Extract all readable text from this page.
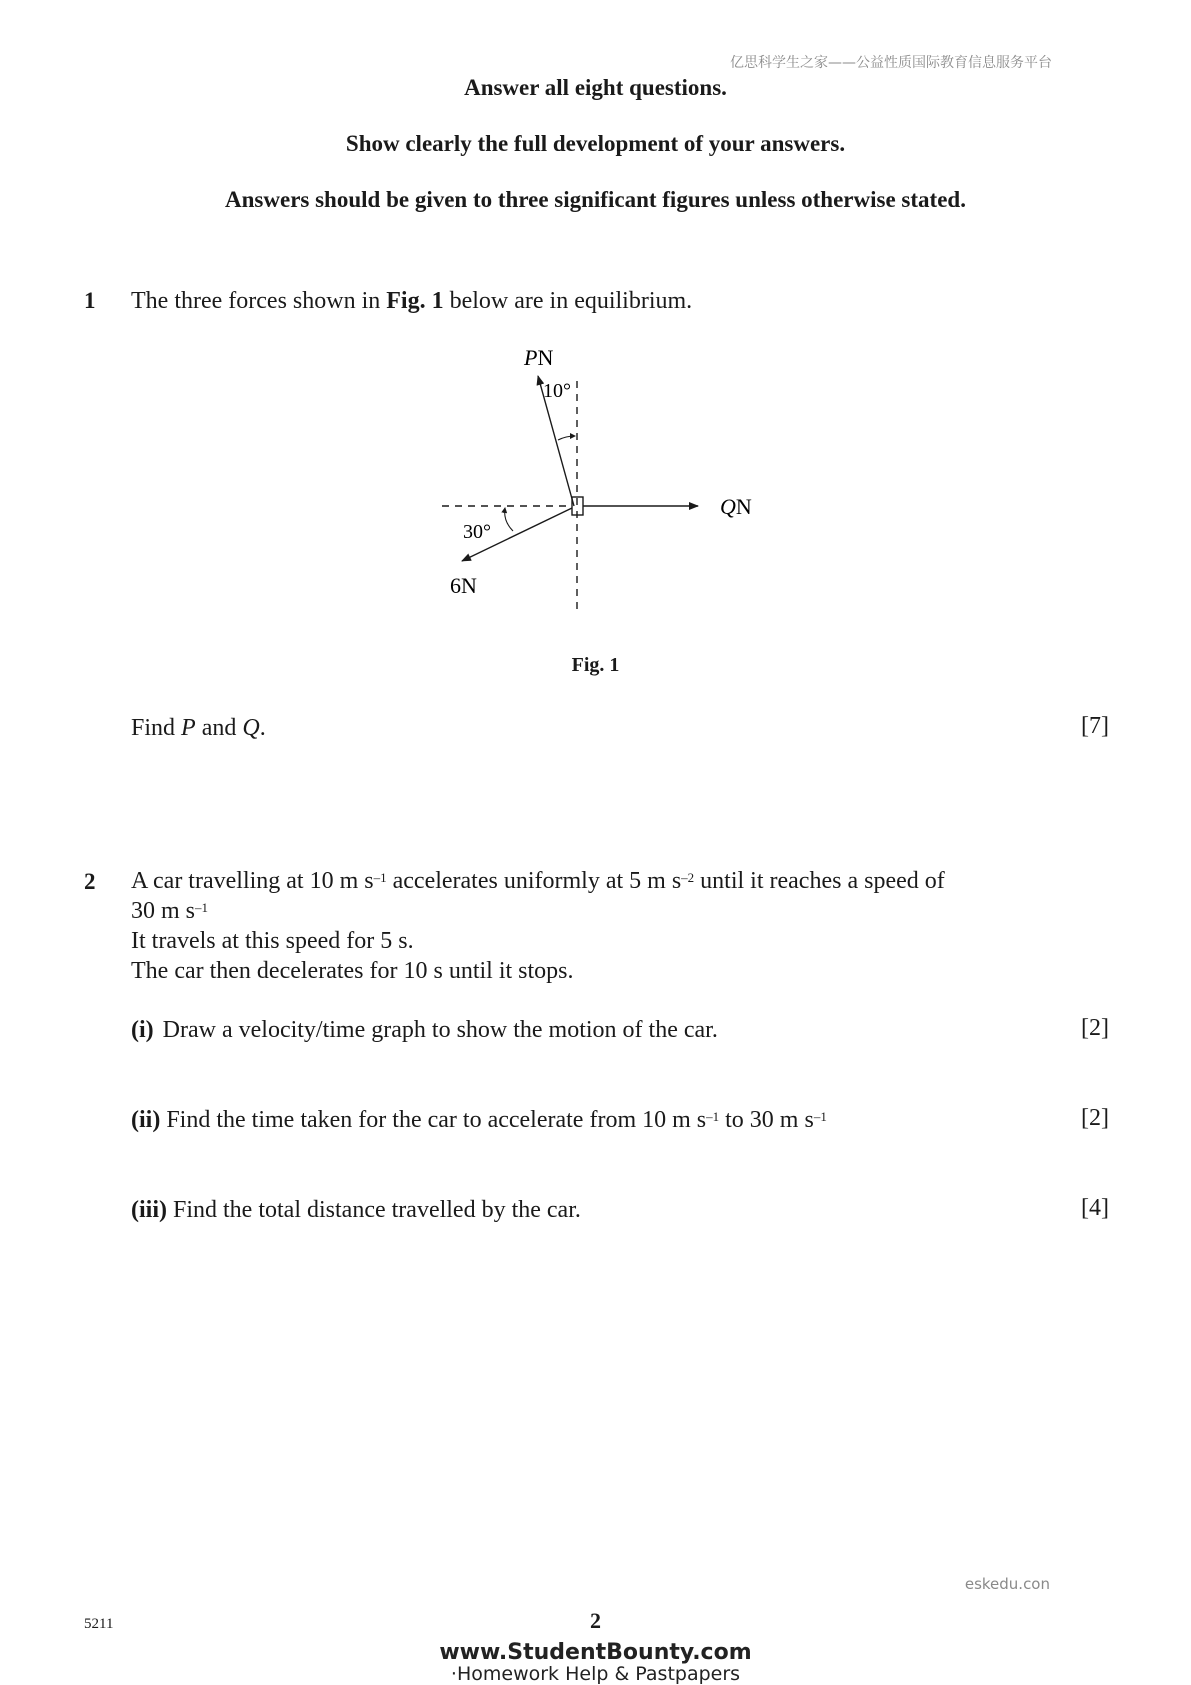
亿思科学生之家——公益性质国际教育信息服务平台
Answer all eight questions.
Show clearly the full development of your answers.
Answers should be given to three significant figures unless otherwise stated.
1 The three forces shown in Fig. 1 below are in equilibrium.
PN
10°
QN
30°
6N
Fig. 1
Find P and Q.	[7]
2 A car travelling at 10 m $s^{-1}$ accelerates uniformly at 5 m $s^{-2}$ until it reaches a speed of
30 m $s^{-1}$
It travels at this speed for 5 s.
The car then decelerates for 10 s until it stops.
(i) Draw a velocity/time graph to show the motion of the car.	[2]
(ii) Find the time taken for the car to accelerate from 10 m $s^{-1}$ to 30 m $s^{-1}$	[2]
(iii) Find the total distance travelled by the car.	[4]
eskedu.con
5211	2
www.StudentBounty.com
·Homework Help & Pastpapers
